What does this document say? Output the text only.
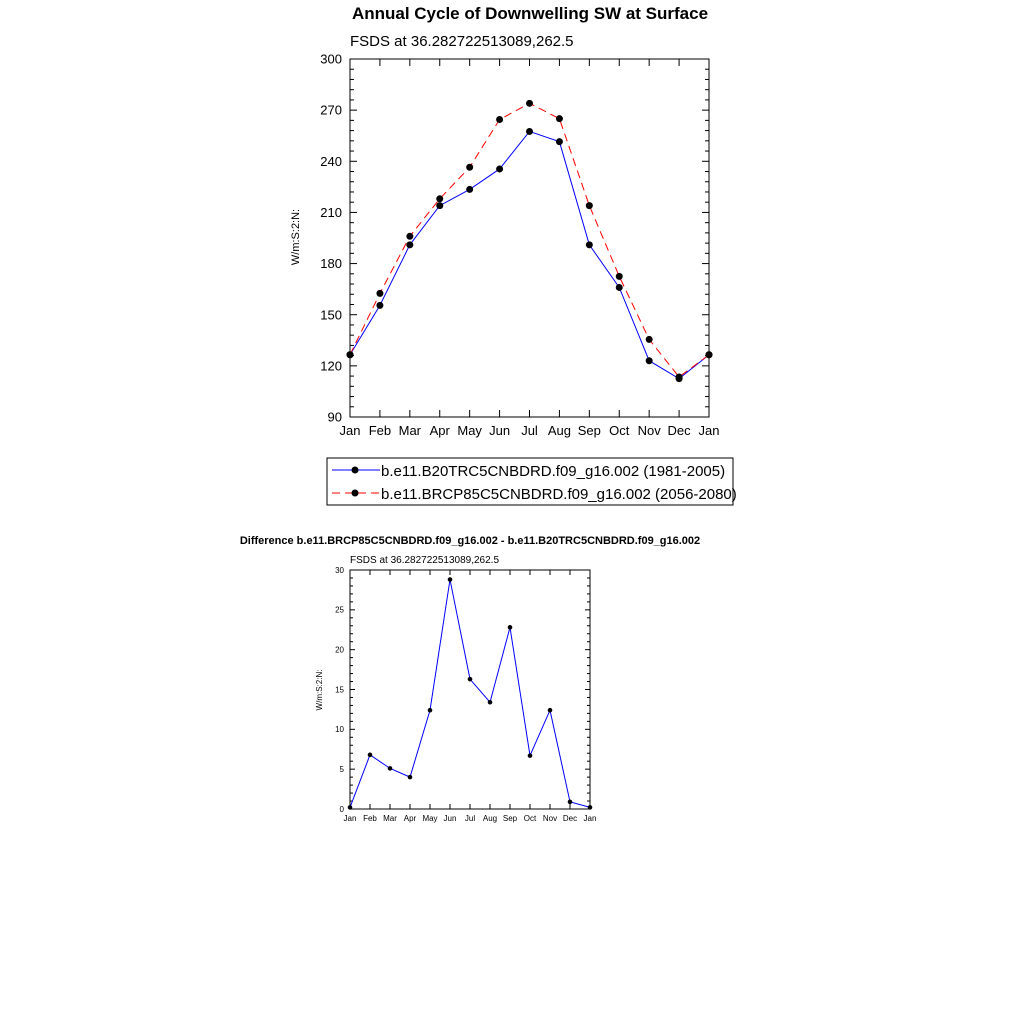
Annual Cycle of Downwelling SW at Surface
FSDS at 36.282722513089,262.5
W/m:S:2:N:
90
120
150
180
210
240
270
300
Jan Feb Mar Apr May Jun Jul Aug Sep Oct Nov Dec Jan
b.e11.B20TRC5CNBDRD.f09_g16.002 (1981-2005)
b.e11.BRCP85C5CNBDRD.f09_g16.002 (2056-2080)
Difference b.e11.BRCP85C5CNBDRD.f09_g16.002 - b.e11.B20TRC5CNBDRD.f09_g16.002
FSDS at 36.282722513089,262.5
W/m:S:2:N:
0
5
10
15
20
25
30
Jan Feb Mar Apr May Jun Jul Aug Sep Oct Nov Dec Jan
